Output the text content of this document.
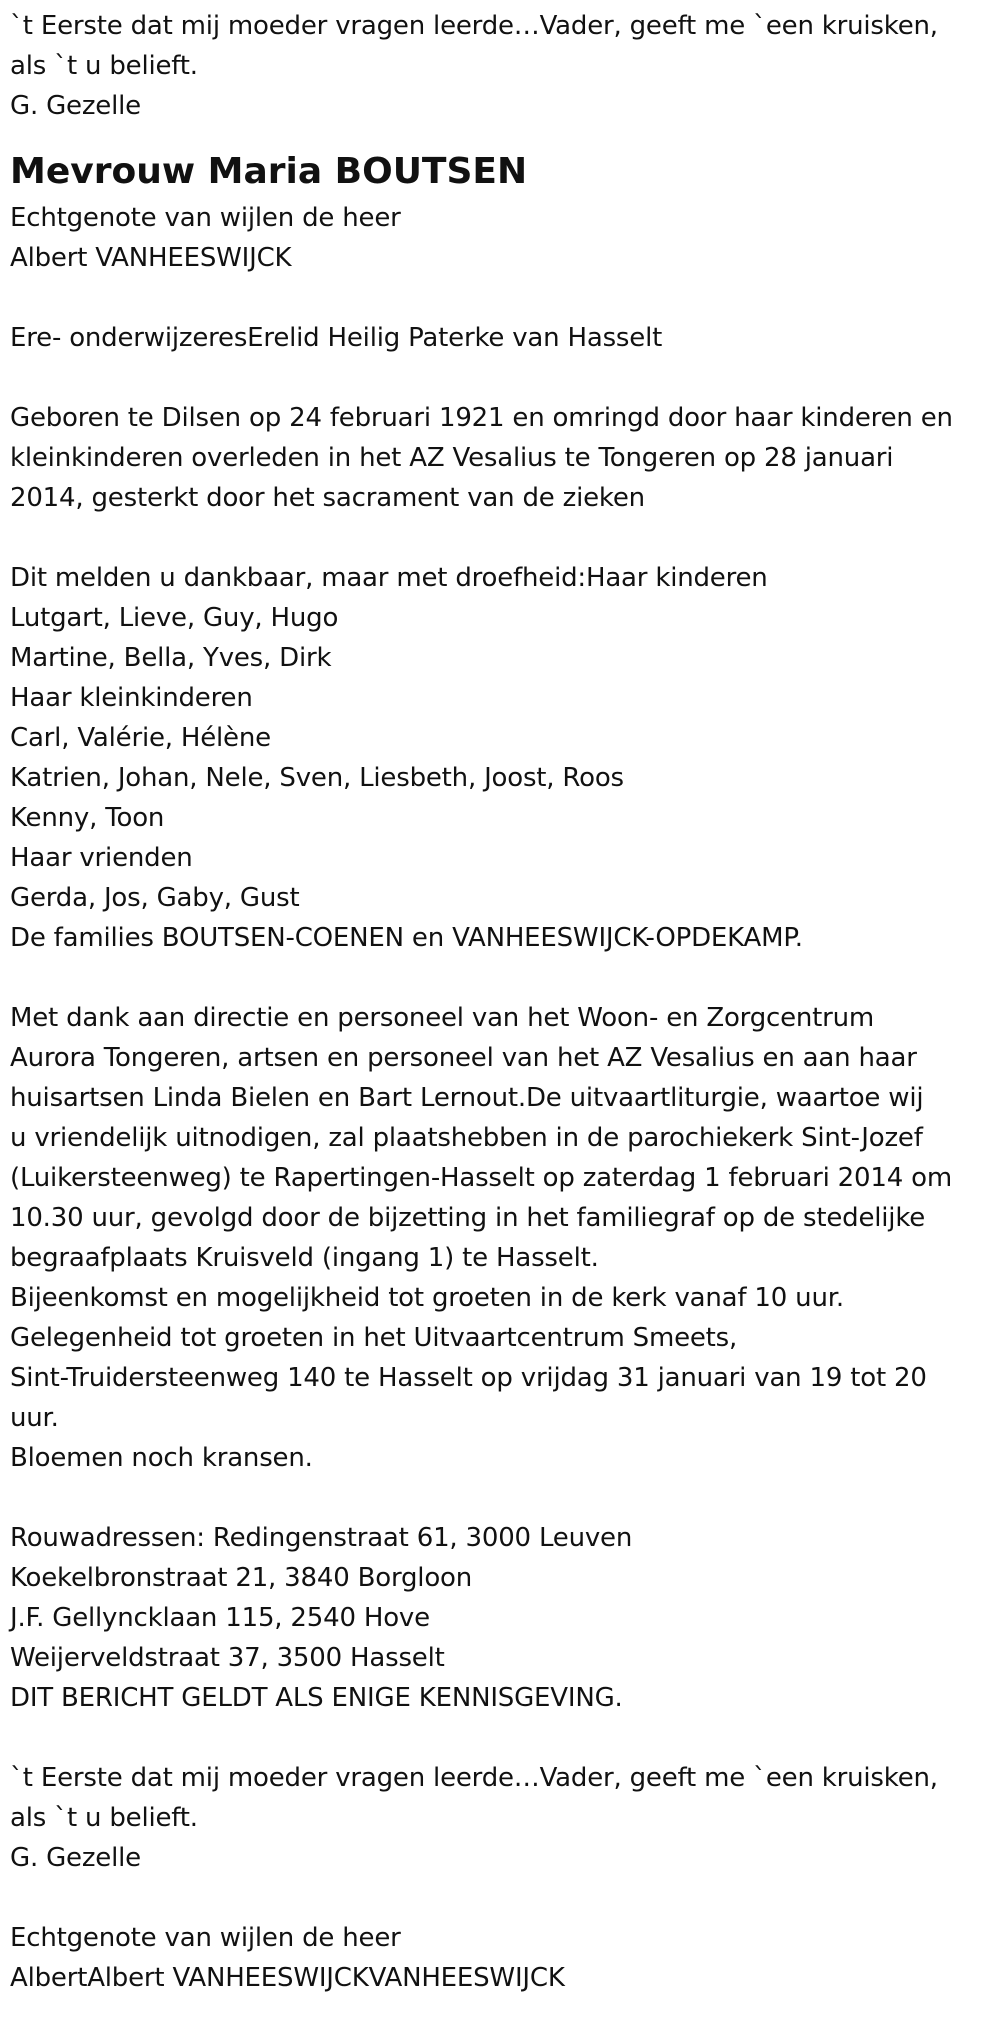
`t Eerste dat mij moeder vragen leerde…Vader, geeft me `een kruisken,

als `t u belieft.

G. Gezelle

Mevrouw Maria BOUTSEN

Echtgenote van wijlen de heer

Albert VANHEESWIJCK

Ere- onderwijzeresErelid Heilig Paterke van Hasselt

Geboren te Dilsen op 24 februari 1921 en omringd door haar kinderen en

kleinkinderen overleden in het AZ Vesalius te Tongeren op 28 januari

2014, gesterkt door het sacrament van de zieken

Dit melden u dankbaar, maar met droefheid:Haar kinderen

Lutgart, Lieve, Guy, Hugo

Martine, Bella, Yves, Dirk

Haar kleinkinderen

Carl, Valérie, Hélène

Katrien, Johan, Nele, Sven, Liesbeth, Joost, Roos

Kenny, Toon

Haar vrienden

Gerda, Jos, Gaby, Gust

De families BOUTSEN-COENEN en VANHEESWIJCK-OPDEKAMP.

Met dank aan directie en personeel van het Woon- en Zorgcentrum

Aurora Tongeren, artsen en personeel van het AZ Vesalius en aan haar

huisartsen Linda Bielen en Bart Lernout.De uitvaartliturgie, waartoe wij

u vriendelijk uitnodigen, zal plaatshebben in de parochiekerk Sint-Jozef

(Luikersteenweg) te Rapertingen-Hasselt op zaterdag 1 februari 2014 om

10.30 uur, gevolgd door de bijzetting in het familiegraf op de stedelijke

begraafplaats Kruisveld (ingang 1) te Hasselt.

Bijeenkomst en mogelijkheid tot groeten in de kerk vanaf 10 uur.

Gelegenheid tot groeten in het Uitvaartcentrum Smeets,

Sint-Truidersteenweg 140 te Hasselt op vrijdag 31 januari van 19 tot 20

uur.

Bloemen noch kransen.

Rouwadressen: Redingenstraat 61, 3000 Leuven

Koekelbronstraat 21, 3840 Borgloon

J.F. Gellyncklaan 115, 2540 Hove

Weijerveldstraat 37, 3500 Hasselt

DIT BERICHT GELDT ALS ENIGE KENNISGEVING.

`t Eerste dat mij moeder vragen leerde…Vader, geeft me `een kruisken,

als `t u belieft.

G. Gezelle

Echtgenote van wijlen de heer

AlbertAlbert VANHEESWIJCKVANHEESWIJCK
